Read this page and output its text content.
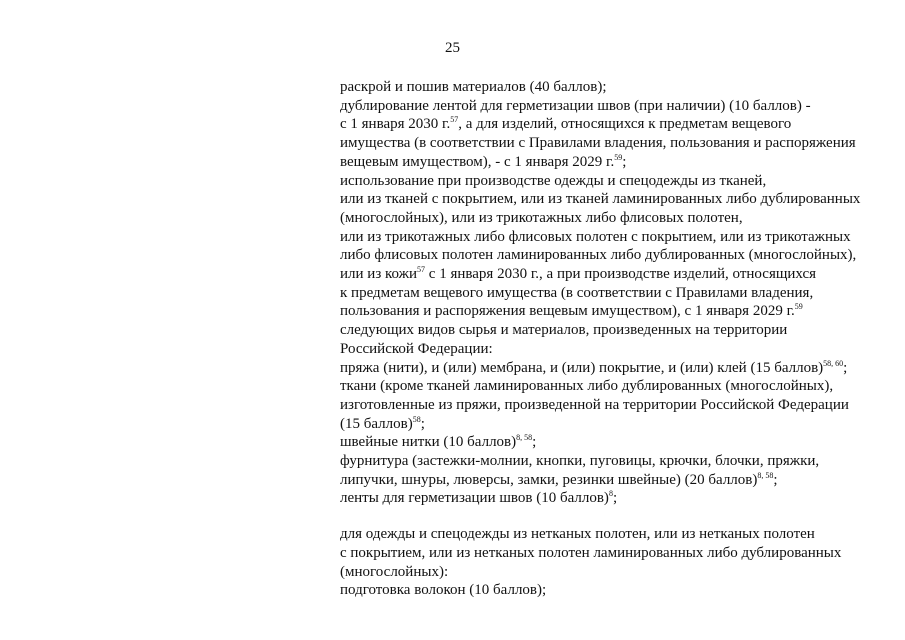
25
раскрой и пошив материалов (40 баллов);
дублирование лентой для герметизации швов (при наличии) (10 баллов) -
с 1 января 2030 г.$^{57}$, а для изделий, относящихся к предметам вещевого
имущества (в соответствии с Правилами владения, пользования и распоряжения
вещевым имуществом), - с 1 января 2029 г.$^{59}$;
использование при производстве одежды и спецодежды из тканей,
или из тканей с покрытием, или из тканей ламинированных либо дублированных
(многослойных), или из трикотажных либо флисовых полотен,
или из трикотажных либо флисовых полотен с покрытием, или из трикотажных
либо флисовых полотен ламинированных либо дублированных (многослойных),
или из кожи$^{57}$ с 1 января 2030 г., а при производстве изделий, относящихся
к предметам вещевого имущества (в соответствии с Правилами владения,
пользования и распоряжения вещевым имуществом), с 1 января 2029 г.$^{59}$
следующих видов сырья и материалов, произведенных на территории
Российской Федерации:
пряжа (нити), и (или) мембрана, и (или) покрытие, и (или) клей (15 баллов)$^{58, 60}$;
ткани (кроме тканей ламинированных либо дублированных (многослойных),
изготовленные из пряжи, произведенной на территории Российской Федерации
(15 баллов)$^{58}$;
швейные нитки (10 баллов)$^{8, 58}$;
фурнитура (застежки-молнии, кнопки, пуговицы, крючки, блочки, пряжки,
липучки, шнуры, люверсы, замки, резинки швейные) (20 баллов)$^{8, 58}$;
ленты для герметизации швов (10 баллов)$^8$;
для одежды и спецодежды из нетканых полотен, или из нетканых полотен
с покрытием, или из нетканых полотен ламинированных либо дублированных
(многослойных):
подготовка волокон (10 баллов);
